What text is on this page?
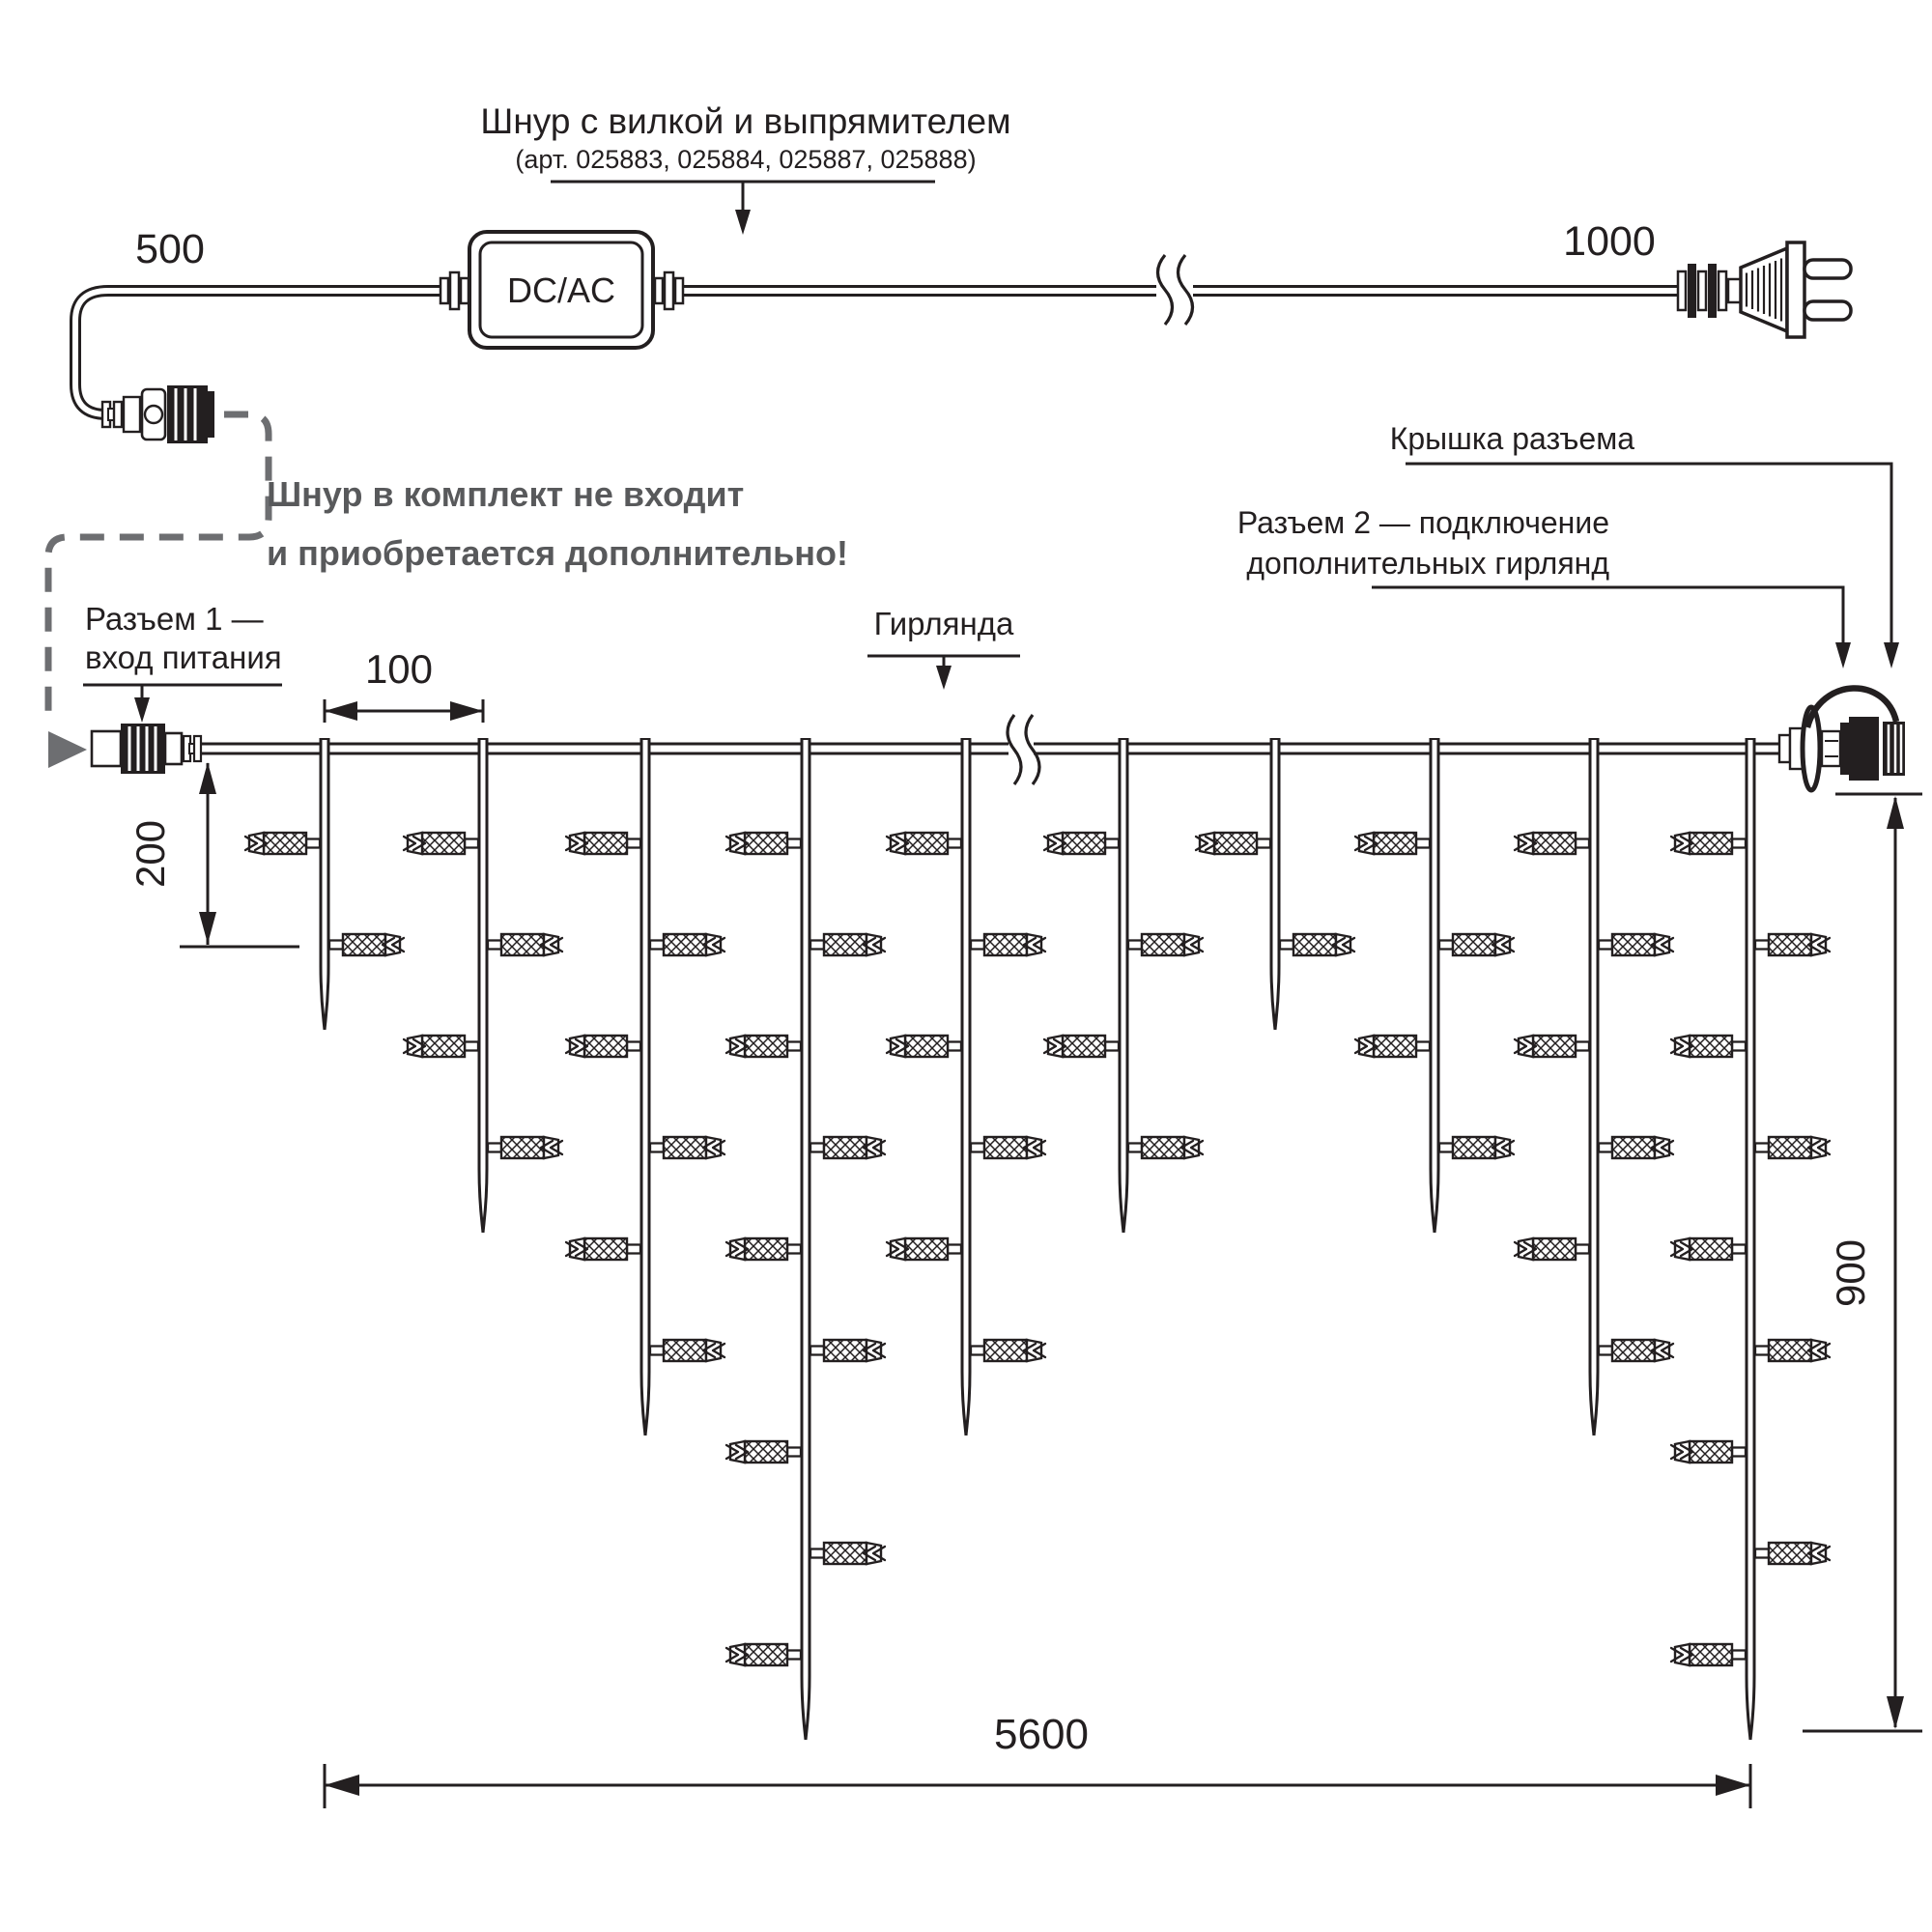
DC/AC
Шнур с вилкой и выпрямителем
(арт. 025883, 025884, 025887, 025888)
500	1000
Шнур в комплект не входит
и приобретается дополнительно!
Разъем 1 —
вход питания 100
200
Гирлянда
Крышка разъема
Разъем 2 — подключение
дополнительных гирлянд
900
5600
